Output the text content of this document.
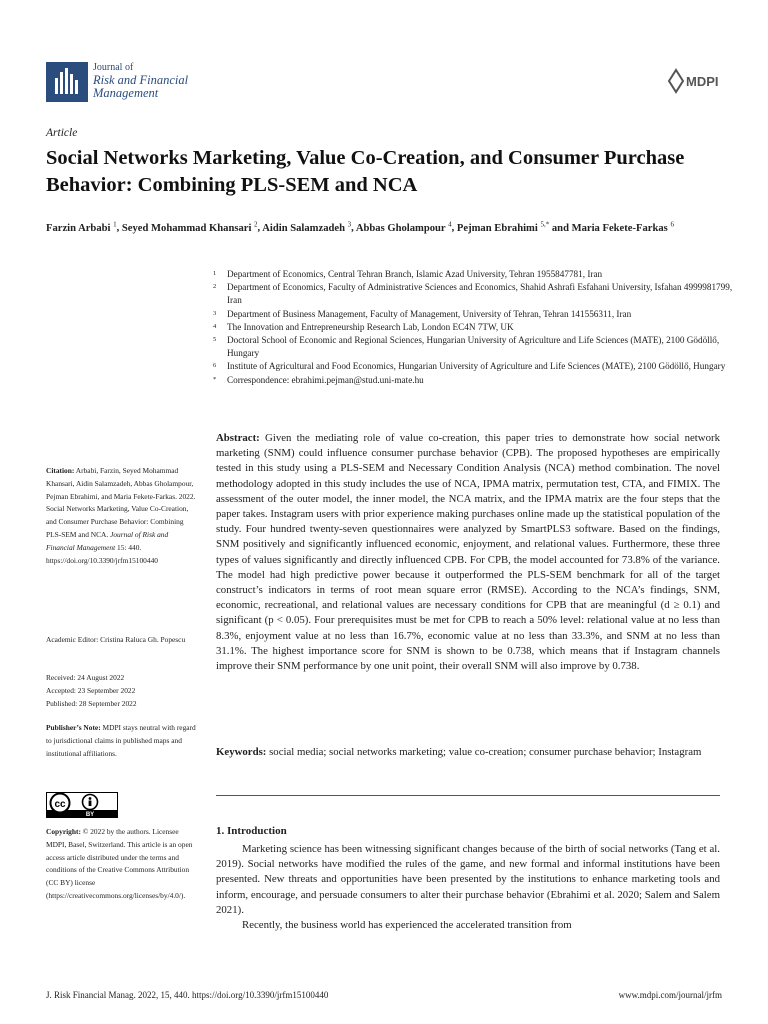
Journal of
Risk and Financial
Management
MDPI
Article
Social Networks Marketing, Value Co-Creation, and Consumer Purchase Behavior: Combining PLS-SEM and NCA
Farzin Arbabi $^1$, Seyed Mohammad Khansari $^2$, Aidin Salamzadeh $^3$, Abbas Gholampour $^4$, Pejman Ebrahimi $^{5,*}$ and Maria Fekete-Farkas $^6$
1 Department of Economics, Central Tehran Branch, Islamic Azad University, Tehran 1955847781, Iran
2 Department of Economics, Faculty of Administrative Sciences and Economics, Shahid Ashrafi Esfahani University, Isfahan 4999981799, Iran
3 Department of Business Management, Faculty of Management, University of Tehran, Tehran 141556311, Iran
4 The Innovation and Entrepreneurship Research Lab, London EC4N 7TW, UK
5 Doctoral School of Economic and Regional Sciences, Hungarian University of Agriculture and Life Sciences (MATE), 2100 Gödöllő, Hungary
6 Institute of Agricultural and Food Economics, Hungarian University of Agriculture and Life Sciences (MATE), 2100 Gödöllő, Hungary
* Correspondence: ebrahimi.pejman@stud.uni-mate.hu
Citation: Arbabi, Farzin, Seyed Mohammad Khansari, Aidin Salamzadeh, Abbas Gholampour, Pejman Ebrahimi, and Maria Fekete-Farkas. 2022. Social Networks Marketing, Value Co-Creation, and Consumer Purchase Behavior: Combining PLS-SEM and NCA. Journal of Risk and Financial Management 15: 440. https://doi.org/10.3390/jrfm15100440
Academic Editor: Cristina Raluca Gh. Popescu
Received: 24 August 2022
Accepted: 23 September 2022
Published: 28 September 2022
Publisher’s Note: MDPI stays neutral with regard to jurisdictional claims in published maps and institutional affiliations.
cc
BY
Copyright: © 2022 by the authors. Licensee MDPI, Basel, Switzerland. This article is an open access article distributed under the terms and conditions of the Creative Commons Attribution (CC BY) license (https://creativecommons.org/licenses/by/4.0/).
Abstract: Given the mediating role of value co-creation, this paper tries to demonstrate how social network marketing (SNM) could influence consumer purchase behavior (CPB). The proposed hypotheses are empirically tested in this study using a PLS-SEM and Necessary Condition Analysis (NCA) method combination. The novel methodology adopted in this study includes the use of NCA, IPMA matrix, permutation test, CTA, and FIMIX. The assessment of the outer model, the inner model, the NCA matrix, and the IPMA matrix are the four steps that the paper takes. Instagram users with prior experience making purchases online made up the statistical population of the study. Four hundred twenty-seven questionnaires were analyzed by SmartPLS3 software. Based on the findings, SNM positively and significantly influenced economic, enjoyment, and relational values. Furthermore, these three types of values significantly and directly influenced CPB. For CPB, the model accounted for 73.8% of the variance. The model had high predictive power because it outperformed the PLS-SEM benchmark for all of the target construct’s indicators in terms of root mean square error (RMSE). According to the NCA’s findings, SNM, economic, recreational, and relational values are necessary conditions for CPB that are meaningful (d ≥ 0.1) and significant (p < 0.05). Four prerequisites must be met for CPB to reach a 50% level: relational value at no less than 8.3%, enjoyment value at no less than 16.7%, economic value at no less than 33.3%, and SNM at no less than 31.1%. The highest importance score for SNM is shown to be 0.738, which means that if Instagram channels improve their SNM performance by one unit point, their overall SNM will also improve by 0.738.
Keywords: social media; social networks marketing; value co-creation; consumer purchase behavior; Instagram
1. Introduction
Marketing science has been witnessing significant changes because of the birth of social networks (Tang et al. 2019). Social networks have modified the rules of the game, and new formal and informal institutions have been presented. New threats and opportunities have been presented by the institutions to enhance marketing tools and inform, encourage, and persuade consumers to alter their purchase behavior (Ebrahimi et al. 2020; Salem and Salem 2021).
Recently, the business world has experienced the accelerated transition from
J. Risk Financial Manag. 2022, 15, 440. https://doi.org/10.3390/jrfm15100440	www.mdpi.com/journal/jrfm
